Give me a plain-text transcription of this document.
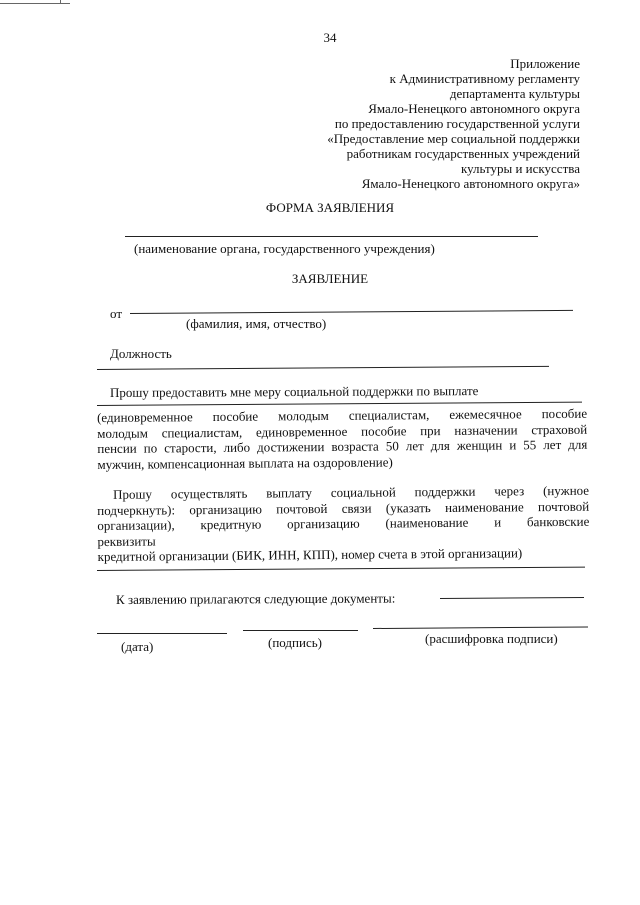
34
Приложение
к Административному регламенту
департамента культуры
Ямало-Ненецкого автономного округа
по предоставлению государственной услуги
«Предоставление мер социальной поддержки
работникам государственных учреждений
культуры и искусства
Ямало-Ненецкого автономного округа»
ФОРМА ЗАЯВЛЕНИЯ
(наименование органа, государственного учреждения)
ЗАЯВЛЕНИЕ
от
(фамилия, имя, отчество)
Должность
Прошу предоставить мне меру социальной поддержки по выплате
(единовременное пособие молодым специалистам, ежемесячное пособие
молодым специалистам, единовременное пособие при назначении страховой
пенсии по старости, либо достижении возраста 50 лет для женщин и 55 лет для
мужчин, компенсационная выплата на оздоровление)
Прошу осуществлять выплату социальной поддержки через (нужное
подчеркнуть): организацию почтовой связи (указать наименование почтовой
организации), кредитную организацию (наименование и банковские
реквизиты
кредитной организации (БИК, ИНН, КПП), номер счета в этой организации)
К заявлению прилагаются следующие документы:
(дата)	(подпись)	(расшифровка подписи)
